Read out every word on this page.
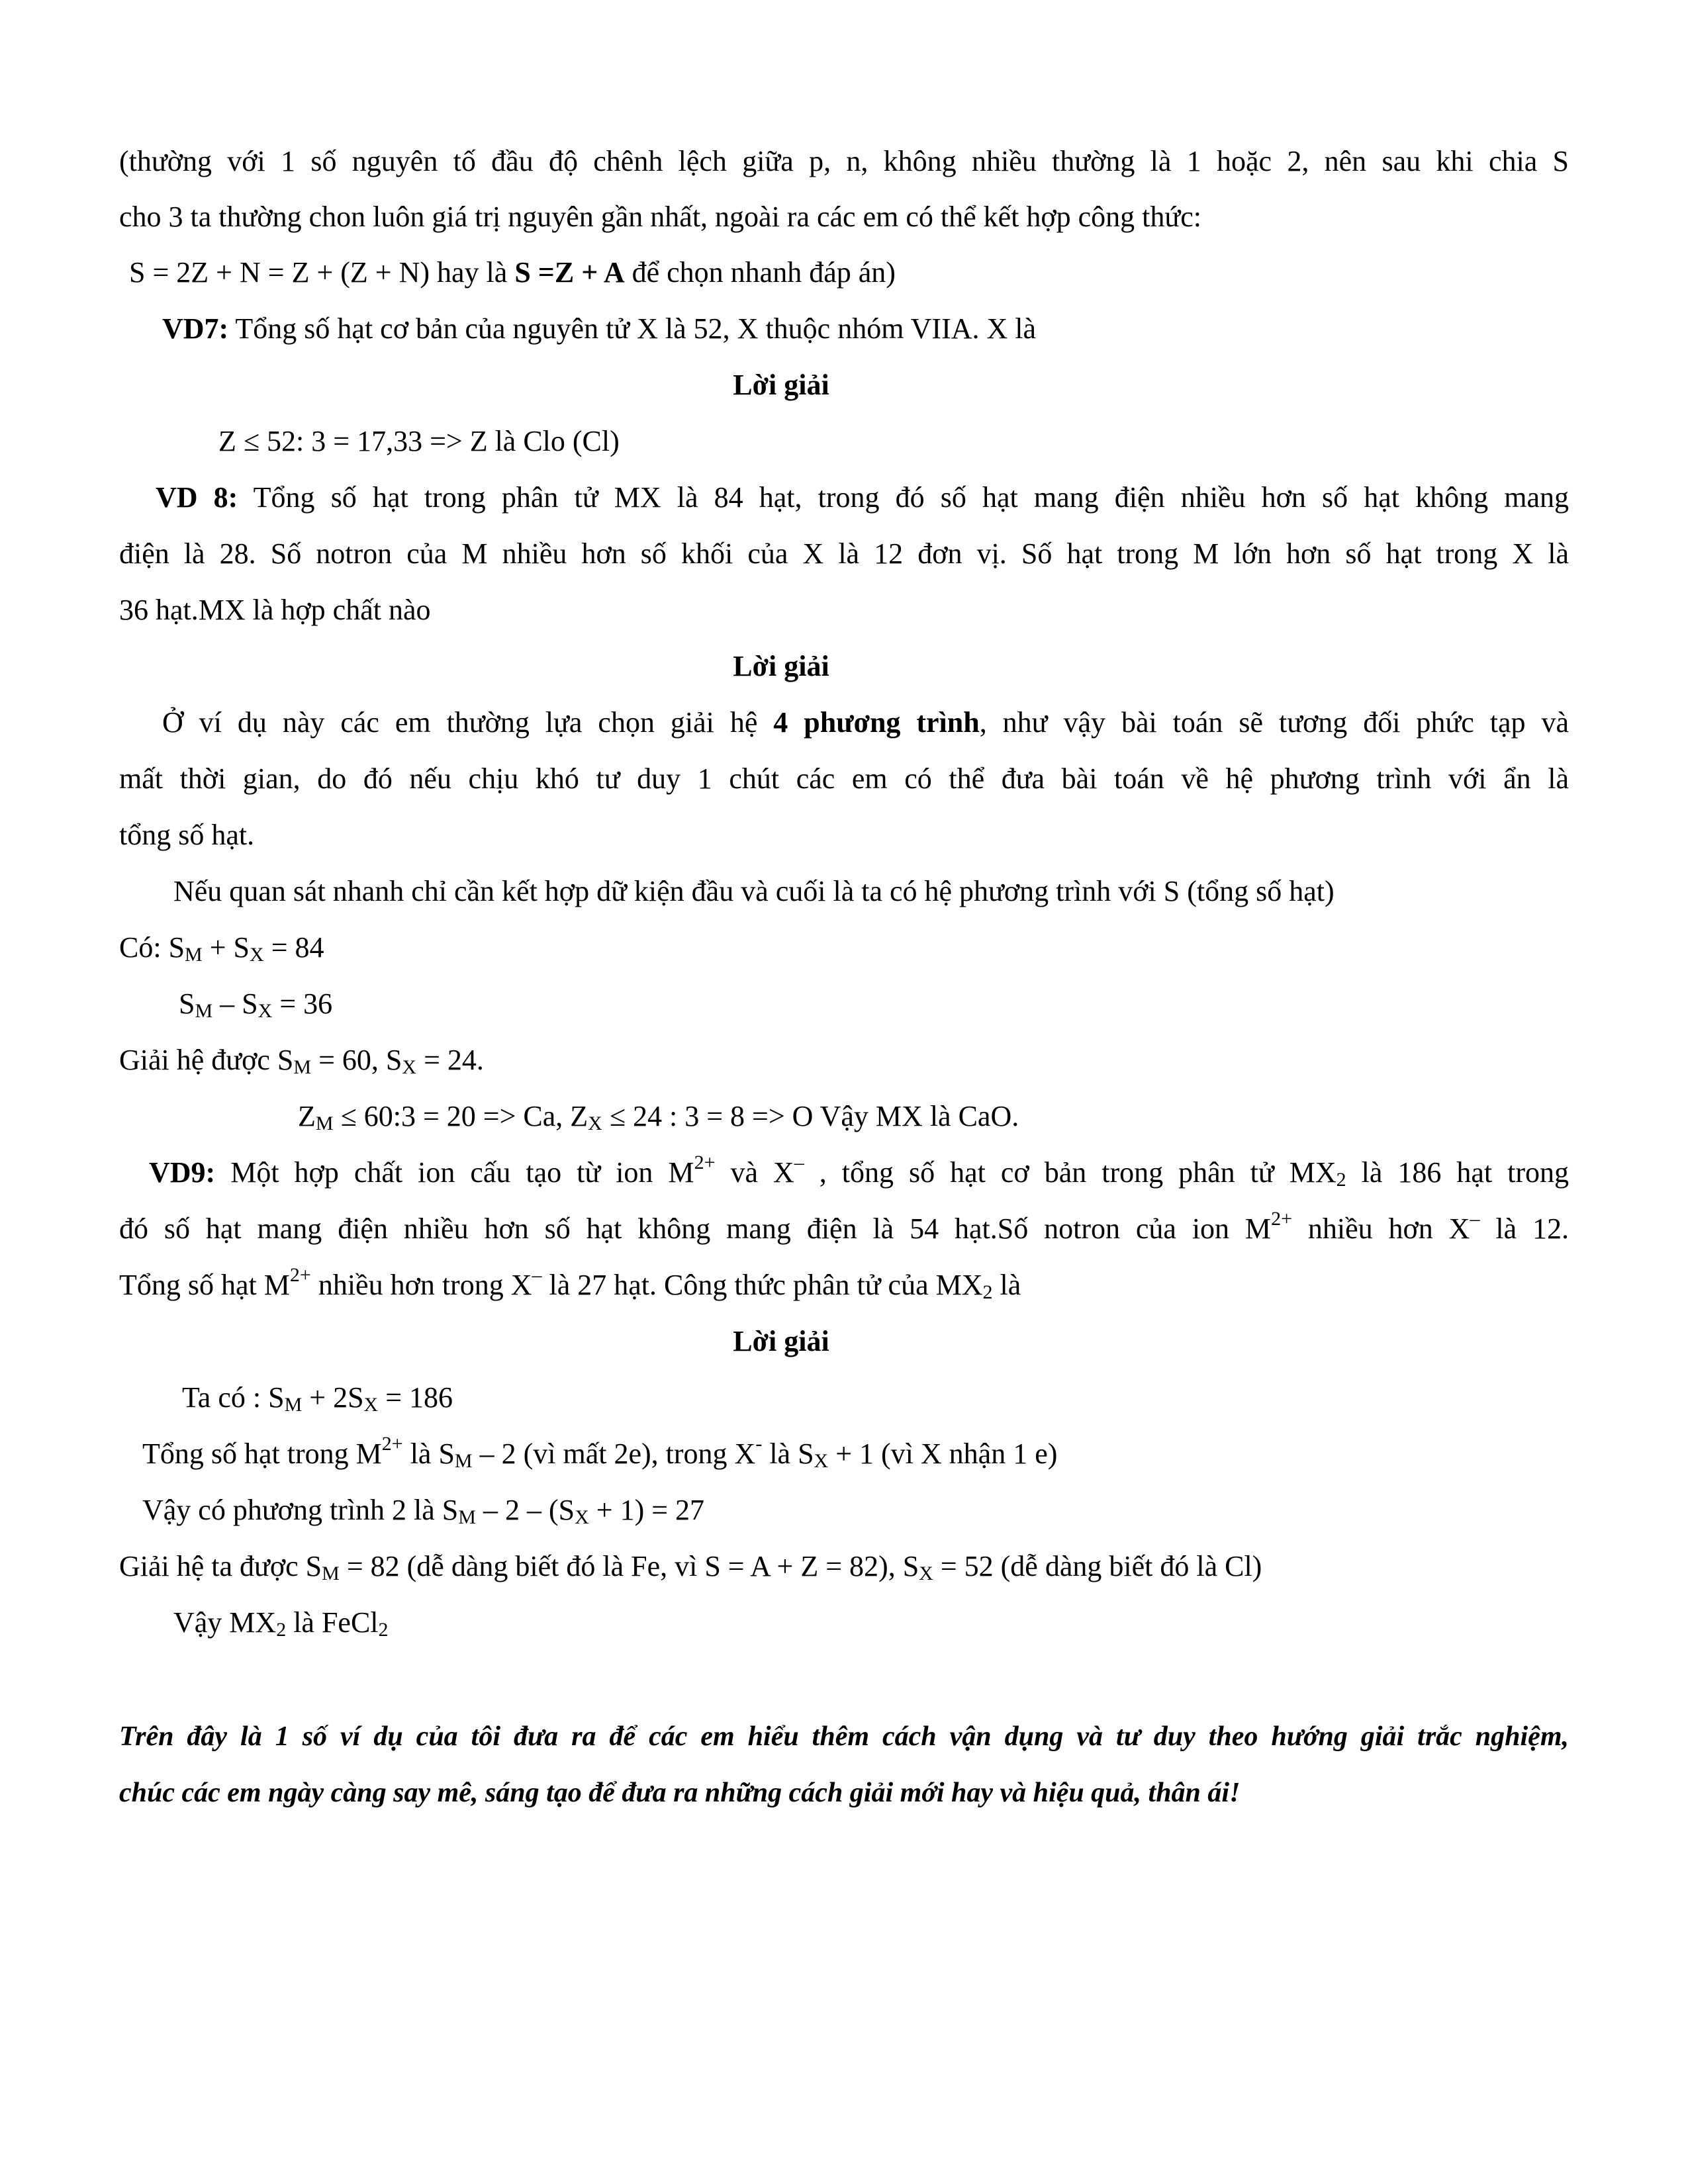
(thường với 1 số nguyên tố đầu độ chênh lệch giữa p, n, không nhiều thường là 1 hoặc 2, nên sau khi chia S
cho 3 ta thường chon luôn giá trị nguyên gần nhất, ngoài ra các em có thể kết hợp công thức:
S = 2Z + N = Z + (Z + N) hay là S =Z + A để chọn nhanh đáp án)
VD7: Tổng số hạt cơ bản của nguyên tử X là 52, X thuộc nhóm VIIA. X là
Lời giải
Z ≤ 52: 3 = 17,33 => Z là Clo (Cl)
VD 8: Tổng số hạt trong phân tử MX là 84 hạt, trong đó số hạt mang điện nhiều hơn số hạt không mang
điện là 28. Số notron của M nhiều hơn số khối của X là 12 đơn vị. Số hạt trong M lớn hơn số hạt trong X là
36 hạt.MX là hợp chất nào
Lời giải
Ở ví dụ này các em thường lựa chọn giải hệ 4 phương trình, như vậy bài toán sẽ tương đối phức tạp và
mất thời gian, do đó nếu chịu khó tư duy 1 chút các em có thể đưa bài toán về hệ phương trình với ẩn là
tổng số hạt.
Nếu quan sát nhanh chỉ cần kết hợp dữ kiện đầu và cuối là ta có hệ phương trình với S (tổng số hạt)
Có: $S_M + S_X = 84$
$S_M - S_X = 36$
Giải hệ được $S_M = 60$, $S_X = 24$.
$Z_M$ ≤ 60:3 = 20 => Ca, $Z_X \le 24$ : 3 = 8 => O Vậy MX là CaO.
VD9: Một hợp chất ion cấu tạo từ ion $M^{2+}$ và X– , tổng số hạt cơ bản trong phân tử $MX_2$ là 186 hạt trong
đó số hạt mang điện nhiều hơn số hạt không mang điện là 54 hạt.Số notron của ion $M^{2+}$ nhiều hơn X– là 12.
Tổng số hạt $M^{2+}$ nhiều hơn trong X– là 27 hạt. Công thức phân tử của $MX_2$ là
Lời giải
Ta có : $S_M + 2S_X = 186$
Tổng số hạt trong $M^{2+}$ là $S_M - 2$ (vì mất 2e), trong X- là $S_X + 1$ (vì X nhận 1 e)
Vậy có phương trình 2 là $S_M - 2 - (S_X + 1) = 27$
Giải hệ ta được $S_M = 82$ (dễ dàng biết đó là Fe, vì S = A + Z = 82), $S_X = 52$ (dễ dàng biết đó là Cl)
Vậy $MX_2$ là FeCl$_2$
Trên đây là 1 số ví dụ của tôi đưa ra để các em hiểu thêm cách vận dụng và tư duy theo hướng giải trắc nghiệm,
chúc các em ngày càng say mê, sáng tạo để đưa ra những cách giải mới hay và hiệu quả, thân ái!
